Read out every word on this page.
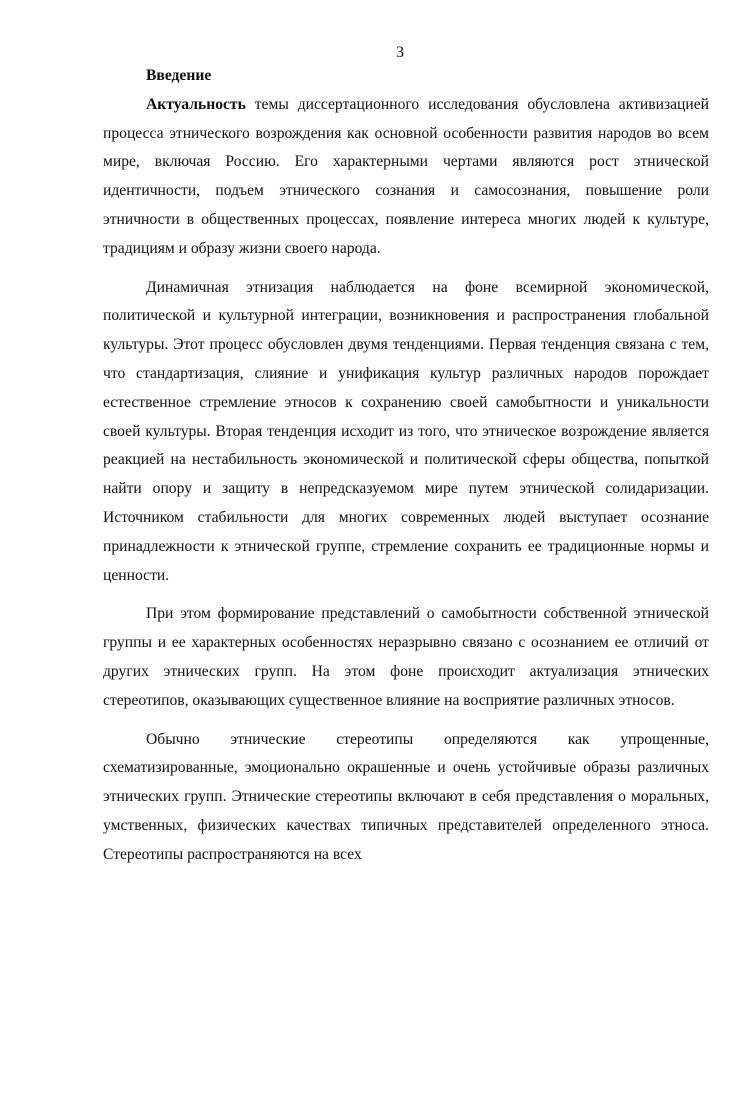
3
Введение

Актуальность темы диссертационного исследования обусловлена активизацией процесса этнического возрождения как основной особенности развития народов во всем мире, включая Россию. Его характерными чертами являются рост этнической идентичности, подъем этнического сознания и самосознания, повышение роли этничности в общественных процессах, появление интереса многих людей к культуре, традициям и образу жизни своего народа.

Динамичная этнизация наблюдается на фоне всемирной экономической, политической и культурной интеграции, возникновения и распространения глобальной культуры. Этот процесс обусловлен двумя тенденциями. Первая тенденция связана с тем, что стандартизация, слияние и унификация культур различных народов порождает естественное стремление этносов к сохранению своей самобытности и уникальности своей культуры. Вторая тенденция исходит из того, что этническое возрождение является реакцией на нестабильность экономической и политической сферы общества, попыткой найти опору и защиту в непредсказуемом мире путем этнической солидаризации. Источником стабильности для многих современных людей выступает осознание принадлежности к этнической группе, стремление сохранить ее традиционные нормы и ценности.

При этом формирование представлений о самобытности собственной этнической группы и ее характерных особенностях неразрывно связано с осознанием ее отличий от других этнических групп. На этом фоне происходит актуализация этнических стереотипов, оказывающих существенное влияние на восприятие различных этносов.

Обычно этнические стереотипы определяются как упрощенные, схематизированные, эмоционально окрашенные и очень устойчивые образы различных этнических групп. Этнические стереотипы включают в себя представления о моральных, умственных, физических качествах типичных представителей определенного этноса. Стереотипы распространяются на всех
